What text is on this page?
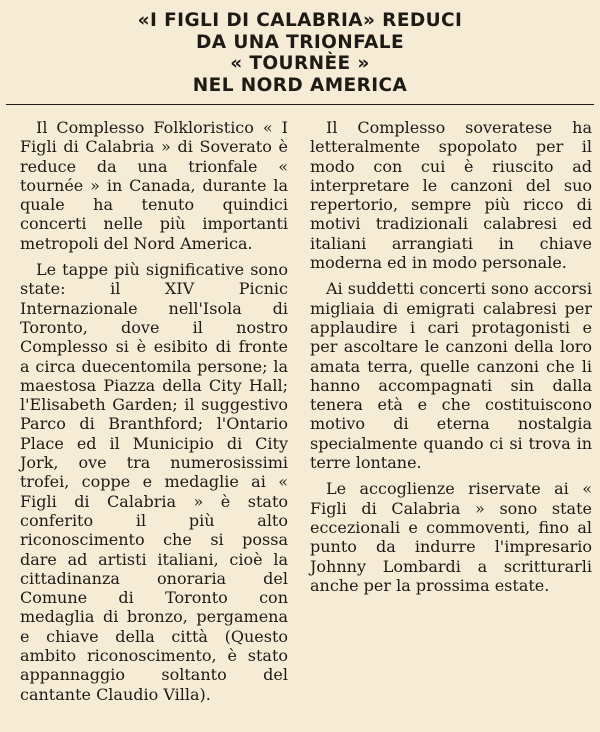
«I FIGLI DI CALABRIA» REDUCI
DA UNA TRIONFALE
« TOURNÈE »
NEL NORD AMERICA

Il Complesso Folkloristico « I Figli di Calabria » di Soverato è reduce da una trionfale « tournée » in Canada, durante la quale ha tenuto quindici concerti nelle più importanti metropoli del Nord America.

Le tappe più significative sono state: il XIV Picnic Internazionale nell'Isola di Toronto, dove il nostro Complesso si è esibito di fronte a circa duecentomila persone; la maestosa Piazza della City Hall; l'Elisabeth Garden; il suggestivo Parco di Branthford; l'Ontario Place ed il Municipio di City Jork, ove tra numerosissimi trofei, coppe e medaglie ai « Figli di Calabria » è stato conferito il più alto riconoscimento che si possa dare ad artisti italiani, cioè la cittadinanza onoraria del Comune di Toronto con medaglia di bronzo, pergamena e chiave della città (Questo ambito riconoscimento, è stato appannaggio soltanto del cantante Claudio Villa).

Il Complesso soveratese ha letteralmente spopolato per il modo con cui è riuscito ad interpretare le canzoni del suo repertorio, sempre più ricco di motivi tradizionali calabresi ed italiani arrangiati in chiave moderna ed in modo personale.

Ai suddetti concerti sono accorsi migliaia di emigrati calabresi per applaudire i cari protagonisti e per ascoltare le canzoni della loro amata terra, quelle canzoni che li hanno accompagnati sin dalla tenera età e che costituiscono motivo di eterna nostalgia specialmente quando ci si trova in terre lontane.

Le accoglienze riservate ai « Figli di Calabria » sono state eccezionali e commoventi, fino al punto da indurre l'impresario Johnny Lombardi a scritturarli anche per la prossima estate.
